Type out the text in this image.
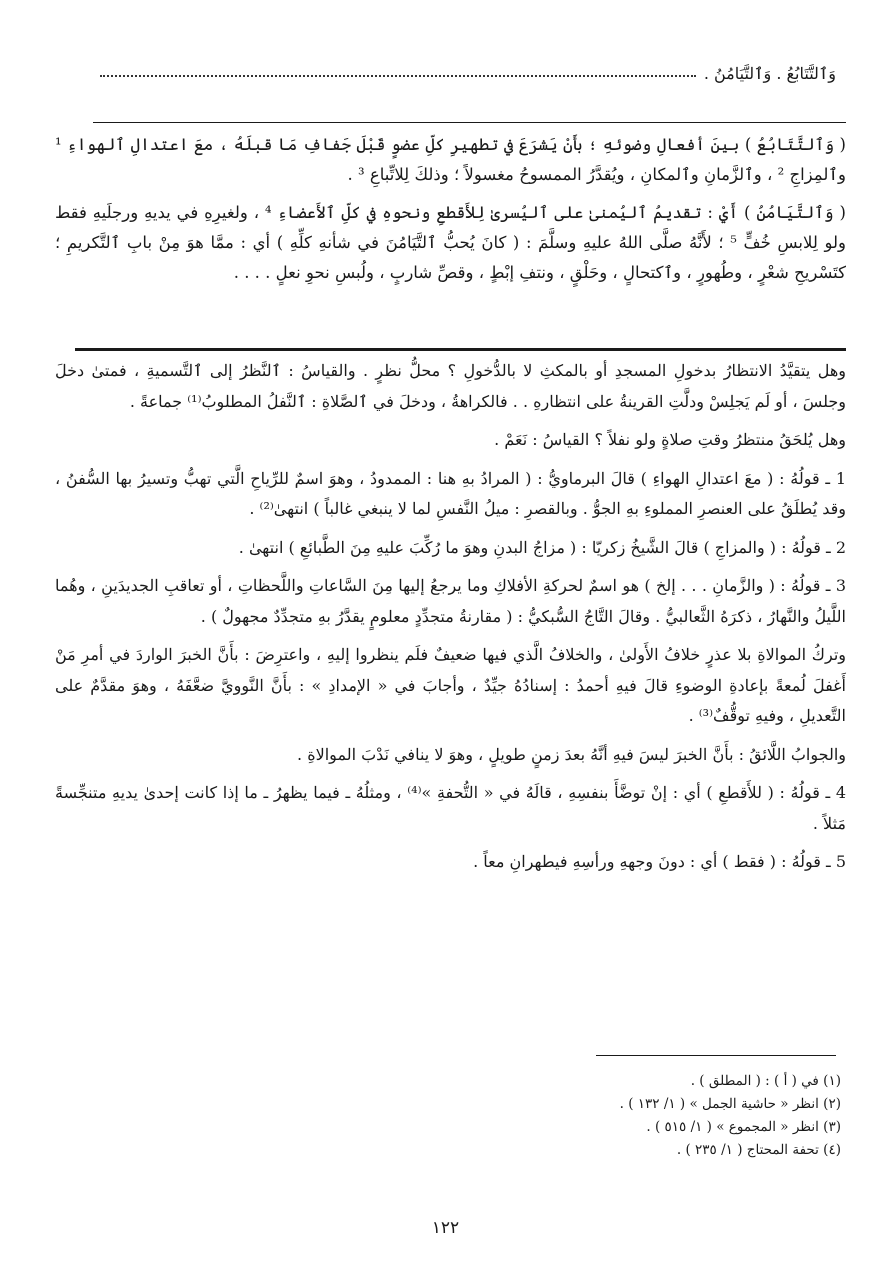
وَٱلتَّتَابُعُ . وَٱلتَّيَامُنُ .

( وَٱلتَّتَابُعُ ) بينَ أفعالِ وضوئهِ ؛ بأَنْ يَشرَعَ في تطهيرِ كلِّ عضوٍ قَبْلَ جَفافِ مَا قبلَهُ ، معَ اعتدالِ ٱلهواءِ ¹ وٱلمِزاجِ ² ، وٱلزَّمانِ وٱلمكانِ ، ويُقدَّرُ الممسوحُ مغسولاً ؛ وذلكَ لِلاتِّباعِ ³ .

( وَٱلتَّيَامُنُ ) أَيْ : تقديمُ ٱليُمنىٰ على ٱليُسرىٰ لِلأَقطعِ ونحوهِ في كلِّ ٱلأَعضاءِ ⁴ ، ولغيرِهِ في يديهِ ورجلَيهِ فقط ولو لِلابسِ خُفٍّ ⁵ ؛ لأَنَّهُ صلَّى اللهُ عليهِ وسلَّمَ : ( كانَ يُحبُّ ٱلتَّيَامُنَ في شأنهِ كلِّهِ ) أي : ممَّا هوَ مِنْ بابِ ٱلتَّكريمِ ؛ كتَسْريحِ شعْرٍ ، وطُهورٍ ، وٱكتحالٍ ، وحَلْقٍ ، ونتفِ إبْطٍ ، وقصِّ شاربٍ ، ولُبسِ نحوِ نعلٍ . . . .

وهل يتقيَّدُ الانتظارُ بدخولِ المسجدِ أو بالمكثِ لا بالدُّخولِ ؟ محلُّ نظرٍ . والقياسُ : ٱلنَّظرُ إلى ٱلتَّسميةِ ، فمتىٰ دخلَ وجلسَ ، أو لَم يَجلِسْ ودلَّتِ القرينةُ على انتظارهِ . . فالكراهةُ ، ودخلَ في ٱلصَّلاةِ : ٱلنَّفلُ المطلوبُ⁽¹⁾ جماعةً .

وهل يُلحَقُ منتظرُ وقتِ صلاةٍ ولو نفلاً ؟ القياسُ : نَعَمْ .

1 ـ قولُهُ : ( معَ اعتدالِ الهواءِ ) قالَ البرماويُّ : ( المرادُ بهِ هنا : الممدودُ ، وهوَ اسمٌ للرِّياحِ الَّتي تهبُّ وتسيرُ بها السُّفنُ ، وقد يُطلَقُ على العنصرِ المملوءِ بهِ الجوُّ . وبالقصرِ : ميلُ النَّفسِ لما لا ينبغي غالباً ) انتهىٰ⁽²⁾ .

2 ـ قولُهُ : ( والمزاجِ ) قالَ الشَّيخُ زكريّا : ( مزاجُ البدنِ وهوَ ما رُكِّبَ عليهِ مِنَ الطَّبائعِ ) انتهىٰ .

3 ـ قولُهُ : ( والزَّمانِ . . . إلخ ) هو اسمٌ لحركةِ الأفلاكِ وما يرجعُ إليها مِنَ السَّاعاتِ واللَّحظاتِ ، أو تعاقبِ الجديدَينِ ، وهُما اللَّيلُ والنَّهارُ ، ذكرَهُ الثَّعالبيُّ . وقالَ التَّاجُ السُّبكيُّ : ( مقارنةُ متجدِّدٍ معلومٍ يقدَّرُ بهِ متجدِّدٌ مجهولٌ ) .

وتركُ الموالاةِ بلا عذرٍ خلافُ الأَولىٰ ، والخلافُ الَّذي فيها ضعيفٌ فلَم ينظروا إليهِ ، واعترِضَ : بأَنَّ الخبرَ الواردَ في أمرِ مَنْ أَغفلَ لُمعةً بإعادةِ الوضوءِ قالَ فيهِ أحمدُ : إسنادُهُ جيِّدٌ ، وأجابَ في « الإمدادِ » : بأَنَّ النَّوويَّ ضعَّفَهُ ، وهوَ مقدَّمٌ على التَّعديلِ ، وفيهِ توقُّفٌ⁽³⁾ .

والجوابُ اللَّائقُ : بأَنَّ الخبرَ ليسَ فيهِ أنَّهُ بعدَ زمنٍ طويلٍ ، وهوَ لا ينافي نَدْبَ الموالاةِ .

4 ـ قولُهُ : ( للأَقطعِ ) أي : إنْ توضَّأَ بنفسِهِ ، قالَهُ في « التُّحفةِ »⁽⁴⁾ ، ومثلُهُ ـ فيما يظهرُ ـ ما إذا كانت إحدىٰ يديهِ متنجِّسةً مَثلاً .

5 ـ قولُهُ : ( فقط ) أي : دونَ وجههِ ورأسِهِ فيطهرانِ معاً .

(١) في ( أ ) : ( المطلق ) .
(٢) انظر « حاشية الجمل » ( ١/ ١٣٢ ) .
(٣) انظر « المجموع » ( ١/ ٥١٥ ) .
(٤) تحفة المحتاج ( ١/ ٢٣٥ ) .
١٢٢
